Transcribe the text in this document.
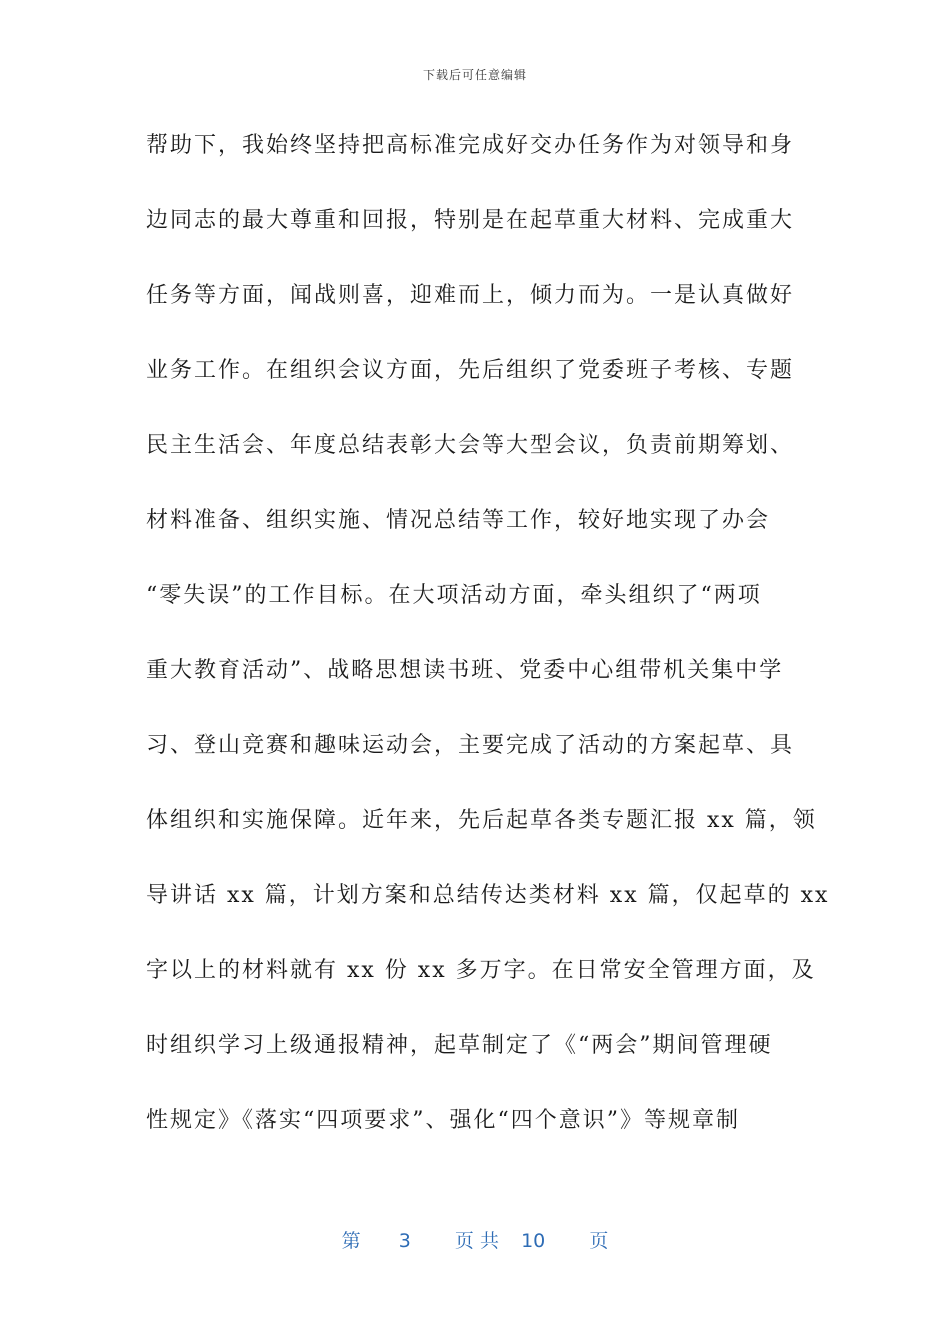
下载后可任意编辑
帮助下，我始终坚持把高标准完成好交办任务作为对领导和身
边同志的最大尊重和回报，特别是在起草重大材料、完成重大
任务等方面，闻战则喜，迎难而上，倾力而为。一是认真做好
业务工作。在组织会议方面，先后组织了党委班子考核、专题
民主生活会、年度总结表彰大会等大型会议，负责前期筹划、
材料准备、组织实施、情况总结等工作，较好地实现了办会
“零失误”的工作目标。在大项活动方面，牵头组织了“两项
重大教育活动”、战略思想读书班、党委中心组带机关集中学
习、登山竞赛和趣味运动会，主要完成了活动的方案起草、具
体组织和实施保障。近年来，先后起草各类专题汇报 xx 篇，领
导讲话 xx 篇，计划方案和总结传达类材料 xx 篇，仅起草的 xx
字以上的材料就有 xx 份 xx 多万字。在日常安全管理方面，及
时组织学习上级通报精神，起草制定了《“两会”期间管理硬
性规定》《落实“四项要求”、强化“四个意识”》等规章制
第 3 页 共 10 页
